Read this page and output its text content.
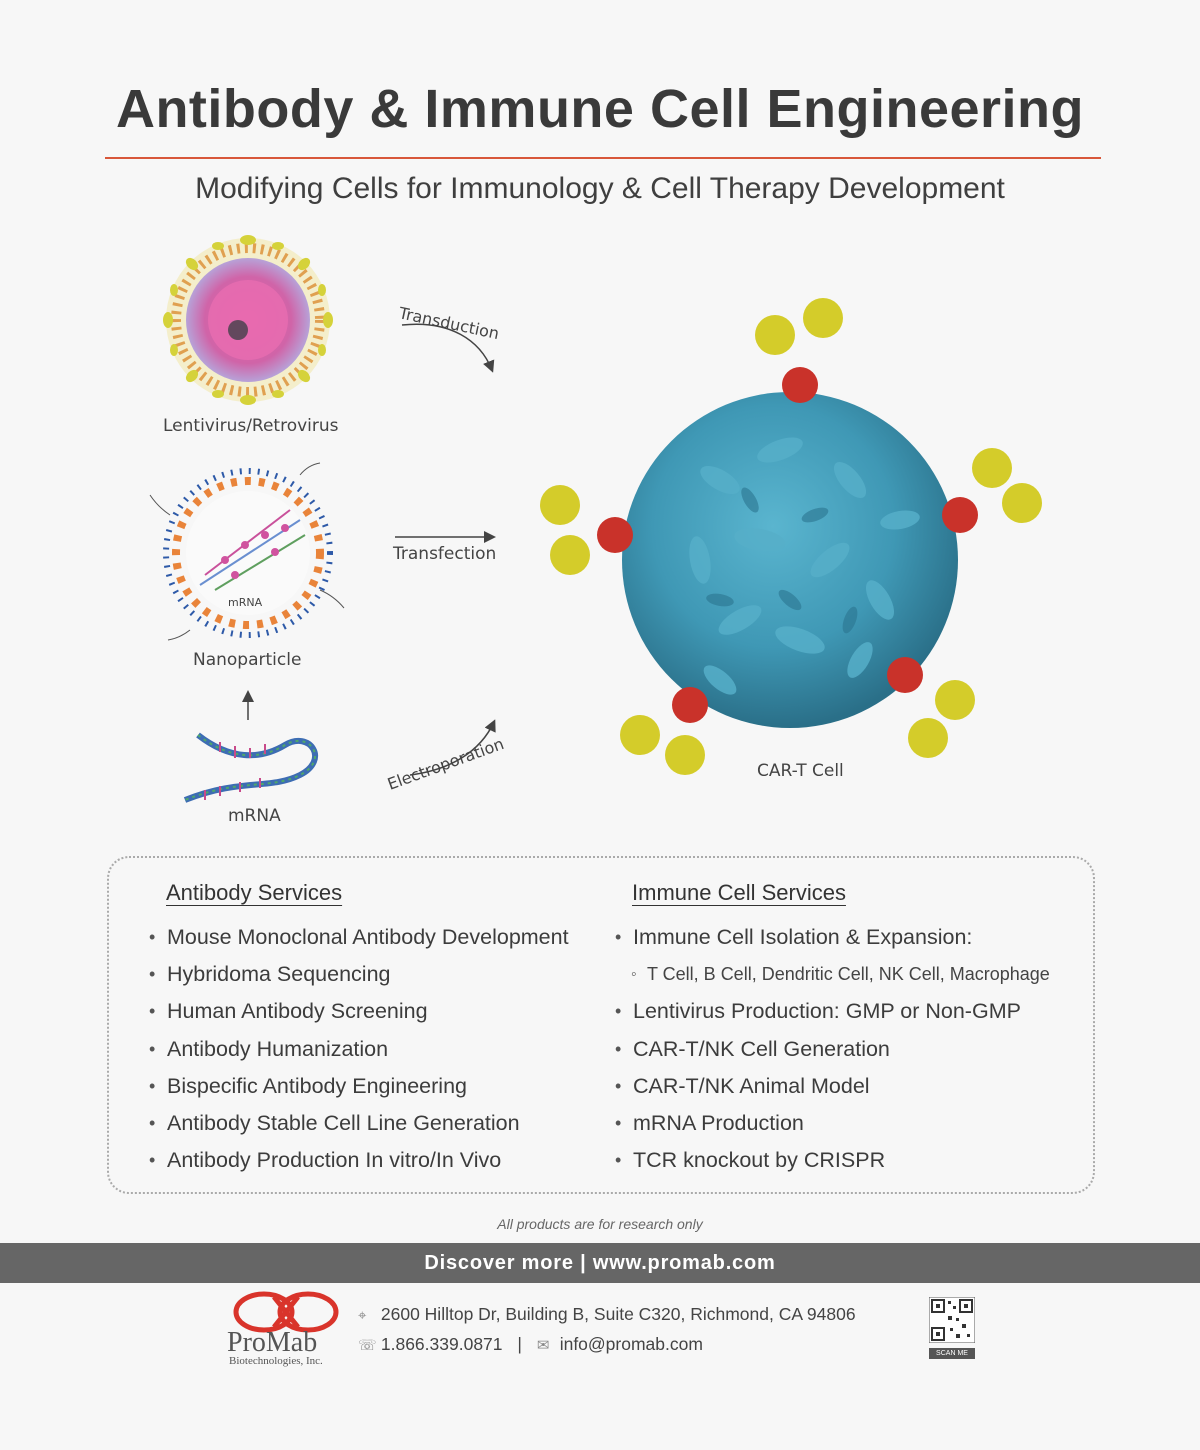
Antibody & Immune Cell Engineering
Modifying Cells for Immunology & Cell Therapy Development
Transduction
Electroporation
mRNA
Lentivirus/Retrovirus
Transfection
Nanoparticle
mRNA
CAR-T Cell
Antibody Services
• Mouse Monoclonal Antibody Development
• Hybridoma Sequencing
• Human Antibody Screening
• Antibody Humanization
• Bispecific Antibody Engineering
• Antibody Stable Cell Line Generation
• Antibody Production In vitro/In Vivo
Immune Cell Services
• Immune Cell Isolation & Expansion:
◦ T Cell, B Cell, Dendritic Cell, NK Cell, Macrophage
• Lentivirus Production: GMP or Non-GMP
• CAR-T/NK Cell Generation
• CAR-T/NK Animal Model
• mRNA Production
• TCR knockout by CRISPR
All products are for research only
Discover more | www.promab.com
ProMab
Biotechnologies, Inc.
⌖ 2600 Hilltop Dr, Building B, Suite C320, Richmond, CA 94806
☏ 1.866.339.0871 | ✉ info@promab.com	SCAN ME
